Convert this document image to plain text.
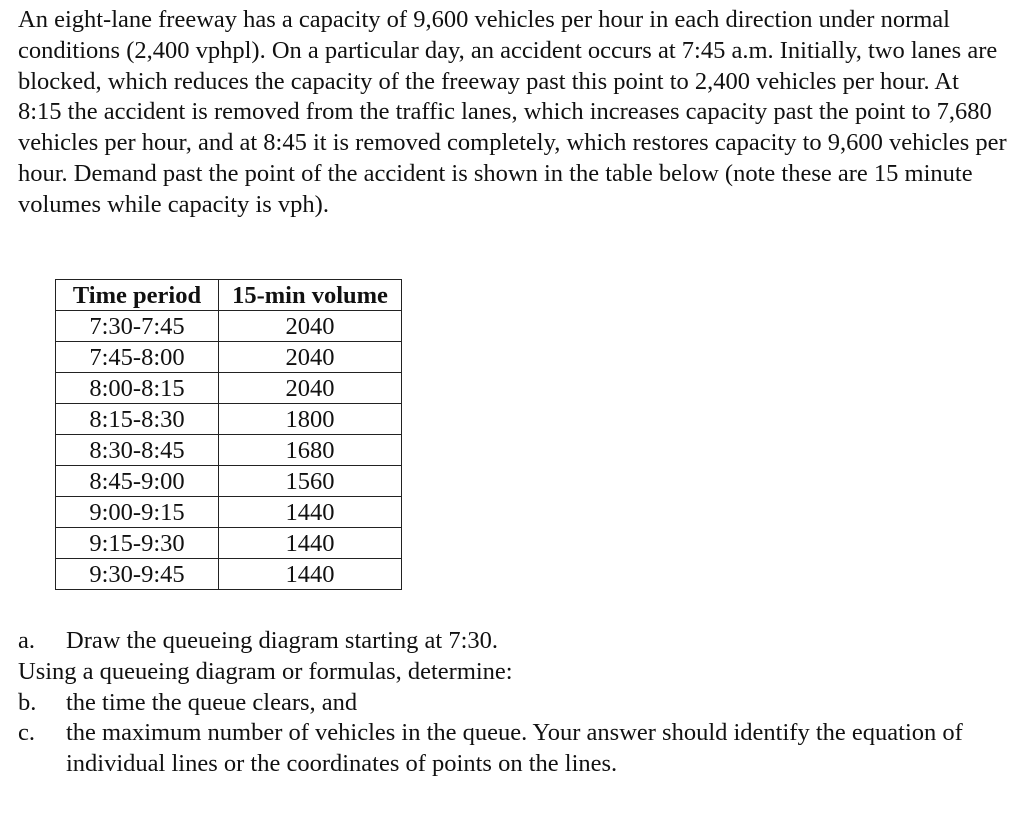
An eight-lane freeway has a capacity of 9,600 vehicles per hour in each direction under normal conditions (2,400 vphpl). On a particular day, an accident occurs at 7:45 a.m. Initially, two lanes are blocked, which reduces the capacity of the freeway past this point to 2,400 vehicles per hour. At 8:15 the accident is removed from the traffic lanes, which increases capacity past the point to 7,680 vehicles per hour, and at 8:45 it is removed completely, which restores capacity to 9,600 vehicles per hour. Demand past the point of the accident is shown in the table below (note these are 15 minute volumes while capacity is vph).

Time period	15-min volume
7:30-7:45	2040
7:45-8:00	2040
8:00-8:15	2040
8:15-8:30	1800
8:30-8:45	1680
8:45-9:00	1560
9:00-9:15	1440
9:15-9:30	1440
9:30-9:45	1440
a.	Draw the queueing diagram starting at 7:30.

Using a queueing diagram or formulas, determine:

b.	the time the queue clears, and
c.	the maximum number of vehicles in the queue. Your answer should identify the equation of individual lines or the coordinates of points on the lines.
